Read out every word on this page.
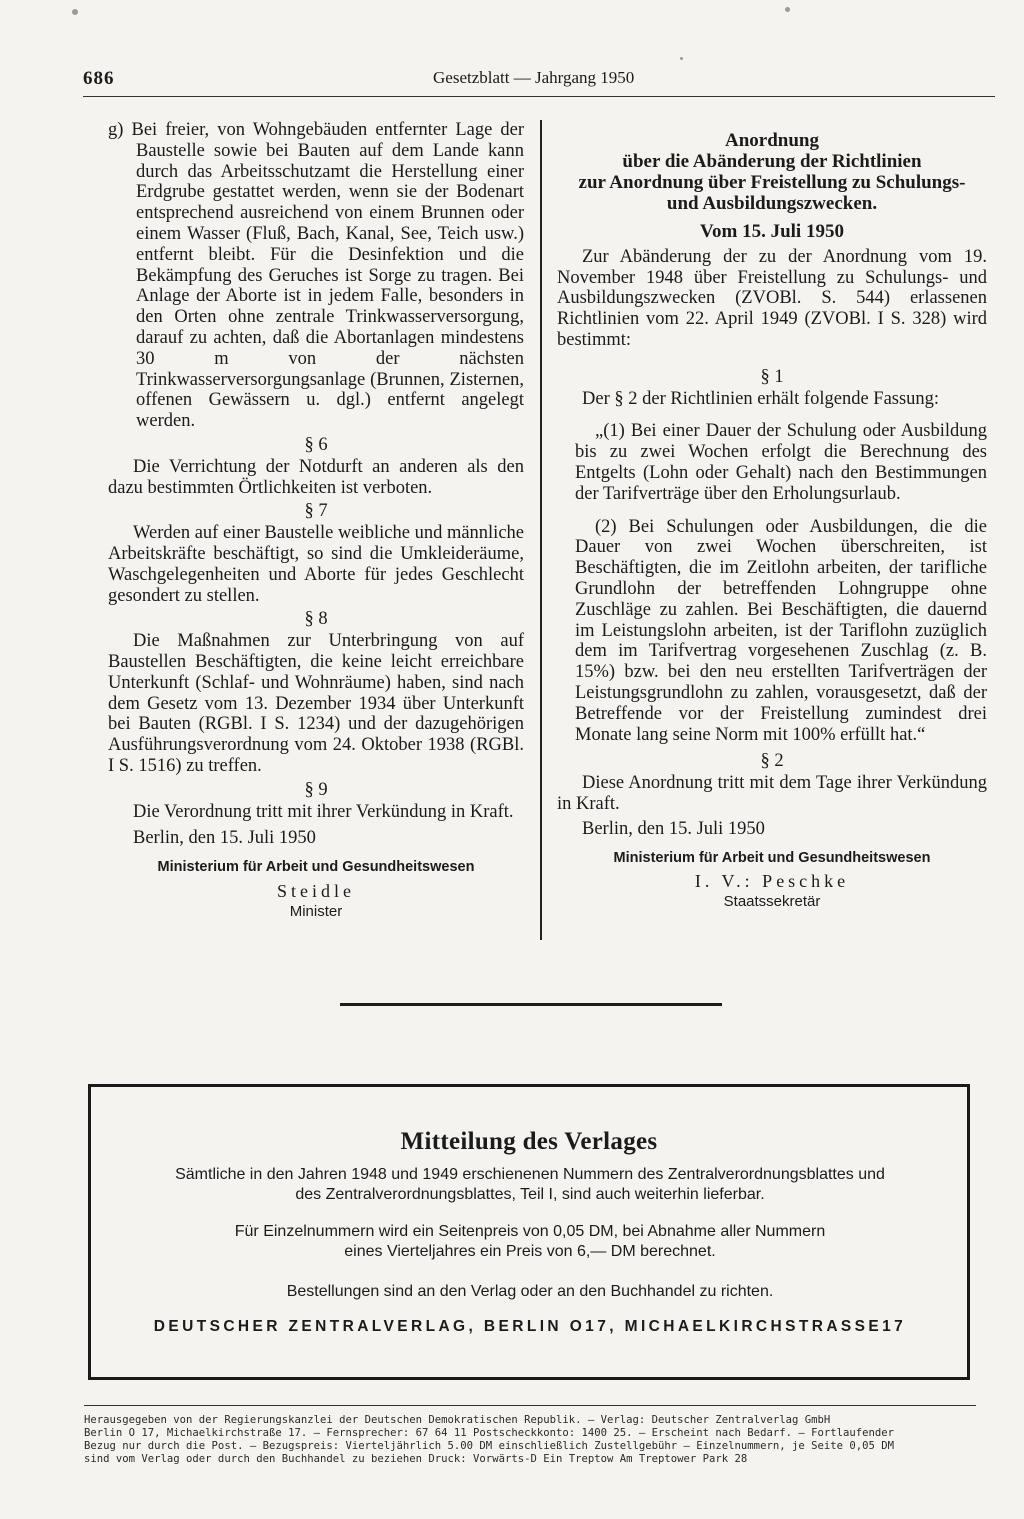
686	Gesetzblatt — Jahrgang 1950

g) Bei freier, von Wohngebäuden entfernter Lage der Baustelle sowie bei Bauten auf dem Lande kann durch das Arbeitsschutzamt die Herstellung einer Erdgrube gestattet werden, wenn sie der Bodenart entsprechend ausreichend von einem Brunnen oder einem Wasser (Fluß, Bach, Kanal, See, Teich usw.) entfernt bleibt. Für die Desinfektion und die Bekämpfung des Geruches ist Sorge zu tragen. Bei Anlage der Aborte ist in jedem Falle, besonders in den Orten ohne zentrale Trinkwasserversorgung, darauf zu achten, daß die Abortanlagen mindestens 30 m von der nächsten Trinkwasserversorgungsanlage (Brunnen, Zisternen, offenen Gewässern u. dgl.) entfernt angelegt werden.

§ 6

Die Verrichtung der Notdurft an anderen als den dazu bestimmten Örtlichkeiten ist verboten.

§ 7

Werden auf einer Baustelle weibliche und männliche Arbeitskräfte beschäftigt, so sind die Umkleideräume, Waschgelegenheiten und Aborte für jedes Geschlecht gesondert zu stellen.

§ 8

Die Maßnahmen zur Unterbringung von auf Baustellen Beschäftigten, die keine leicht erreichbare Unterkunft (Schlaf- und Wohnräume) haben, sind nach dem Gesetz vom 13. Dezember 1934 über Unterkunft bei Bauten (RGBl. I S. 1234) und der dazugehörigen Ausführungsverordnung vom 24. Oktober 1938 (RGBl. I S. 1516) zu treffen.

§ 9

Die Verordnung tritt mit ihrer Verkündung in Kraft.

Berlin, den 15. Juli 1950

Ministerium für Arbeit und Gesundheitswesen

Steidle

Minister

Anordnung

über die Abänderung der Richtlinien

zur Anordnung über Freistellung zu Schulungs-

und Ausbildungszwecken.

Vom 15. Juli 1950

Zur Abänderung der zu der Anordnung vom 19. November 1948 über Freistellung zu Schulungs- und Ausbildungszwecken (ZVOBl. S. 544) erlassenen Richtlinien vom 22. April 1949 (ZVOBl. I S. 328) wird bestimmt:

§ 1

Der § 2 der Richtlinien erhält folgende Fassung:

„(1) Bei einer Dauer der Schulung oder Ausbildung bis zu zwei Wochen erfolgt die Berechnung des Entgelts (Lohn oder Gehalt) nach den Bestimmungen der Tarifverträge über den Erholungsurlaub.

(2) Bei Schulungen oder Ausbildungen, die die Dauer von zwei Wochen überschreiten, ist Beschäftigten, die im Zeitlohn arbeiten, der tarifliche Grundlohn der betreffenden Lohngruppe ohne Zuschläge zu zahlen. Bei Beschäftigten, die dauernd im Leistungslohn arbeiten, ist der Tariflohn zuzüglich dem im Tarifvertrag vorgesehenen Zuschlag (z. B. 15%) bzw. bei den neu erstellten Tarifverträgen der Leistungsgrundlohn zu zahlen, vorausgesetzt, daß der Betreffende vor der Freistellung zumindest drei Monate lang seine Norm mit 100% erfüllt hat.“

§ 2

Diese Anordnung tritt mit dem Tage ihrer Verkündung in Kraft.

Berlin, den 15. Juli 1950

Ministerium für Arbeit und Gesundheitswesen

I. V.: Peschke

Staatssekretär

Mitteilung des Verlages
Sämtliche in den Jahren 1948 und 1949 erschienenen Nummern des Zentralverordnungsblattes und
des Zentralverordnungsblattes, Teil I, sind auch weiterhin lieferbar.
Für Einzelnummern wird ein Seitenpreis von 0,05 DM, bei Abnahme aller Nummern
eines Vierteljahres ein Preis von 6,— DM berechnet.
Bestellungen sind an den Verlag oder an den Buchhandel zu richten.
DEUTSCHER ZENTRALVERLAG, BERLIN O17, MICHAELKIRCHSTRASSE17
Herausgegeben von der Regierungskanzlei der Deutschen Demokratischen Republik. — Verlag: Deutscher Zentralverlag GmbH
Berlin O 17, Michaelkirchstraße 17. — Fernsprecher: 67 64 11 Postscheckkonto: 1400 25. — Erscheint nach Bedarf. — Fortlaufender
Bezug nur durch die Post. — Bezugspreis: Vierteljährlich 5.00 DM einschließlich Zustellgebühr — Einzelnummern, je Seite 0,05 DM
sind vom Verlag oder durch den Buchhandel zu beziehen Druck: Vorwärts-D Ein Treptow Am Treptower Park 28
